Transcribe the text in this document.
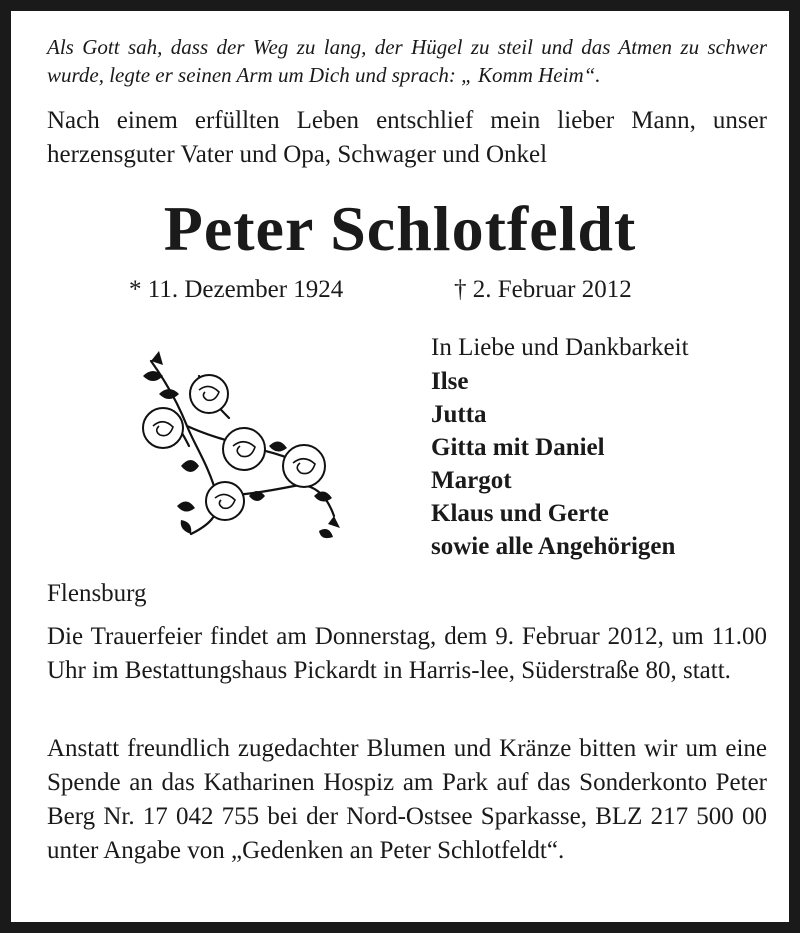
Als Gott sah, dass der Weg zu lang, der Hügel zu steil und das Atmen zu schwer wurde, legte er seinen Arm um Dich und sprach: „ Komm Heim“.
Nach einem erfüllten Leben entschlief mein lieber Mann, unser herzensguter Vater und Opa, Schwager und Onkel
Peter Schlotfeldt
* 11. Dezember 1924	† 2. Februar 2012
In Liebe und Dankbarkeit
Ilse
Jutta
Gitta mit Daniel
Margot
Klaus und Gerte
sowie alle Angehörigen
Flensburg
Die Trauerfeier findet am Donnerstag, dem 9. Februar 2012, um 11.00 Uhr im Bestattungshaus Pickardt in Harris-lee, Süderstraße 80, statt.
Anstatt freundlich zugedachter Blumen und Kränze bitten wir um eine Spende an das Katharinen Hospiz am Park auf das Sonderkonto Peter Berg Nr. 17 042 755 bei der Nord-Ostsee Sparkasse, BLZ 217 500 00 unter Angabe von „Gedenken an Peter Schlotfeldt“.
